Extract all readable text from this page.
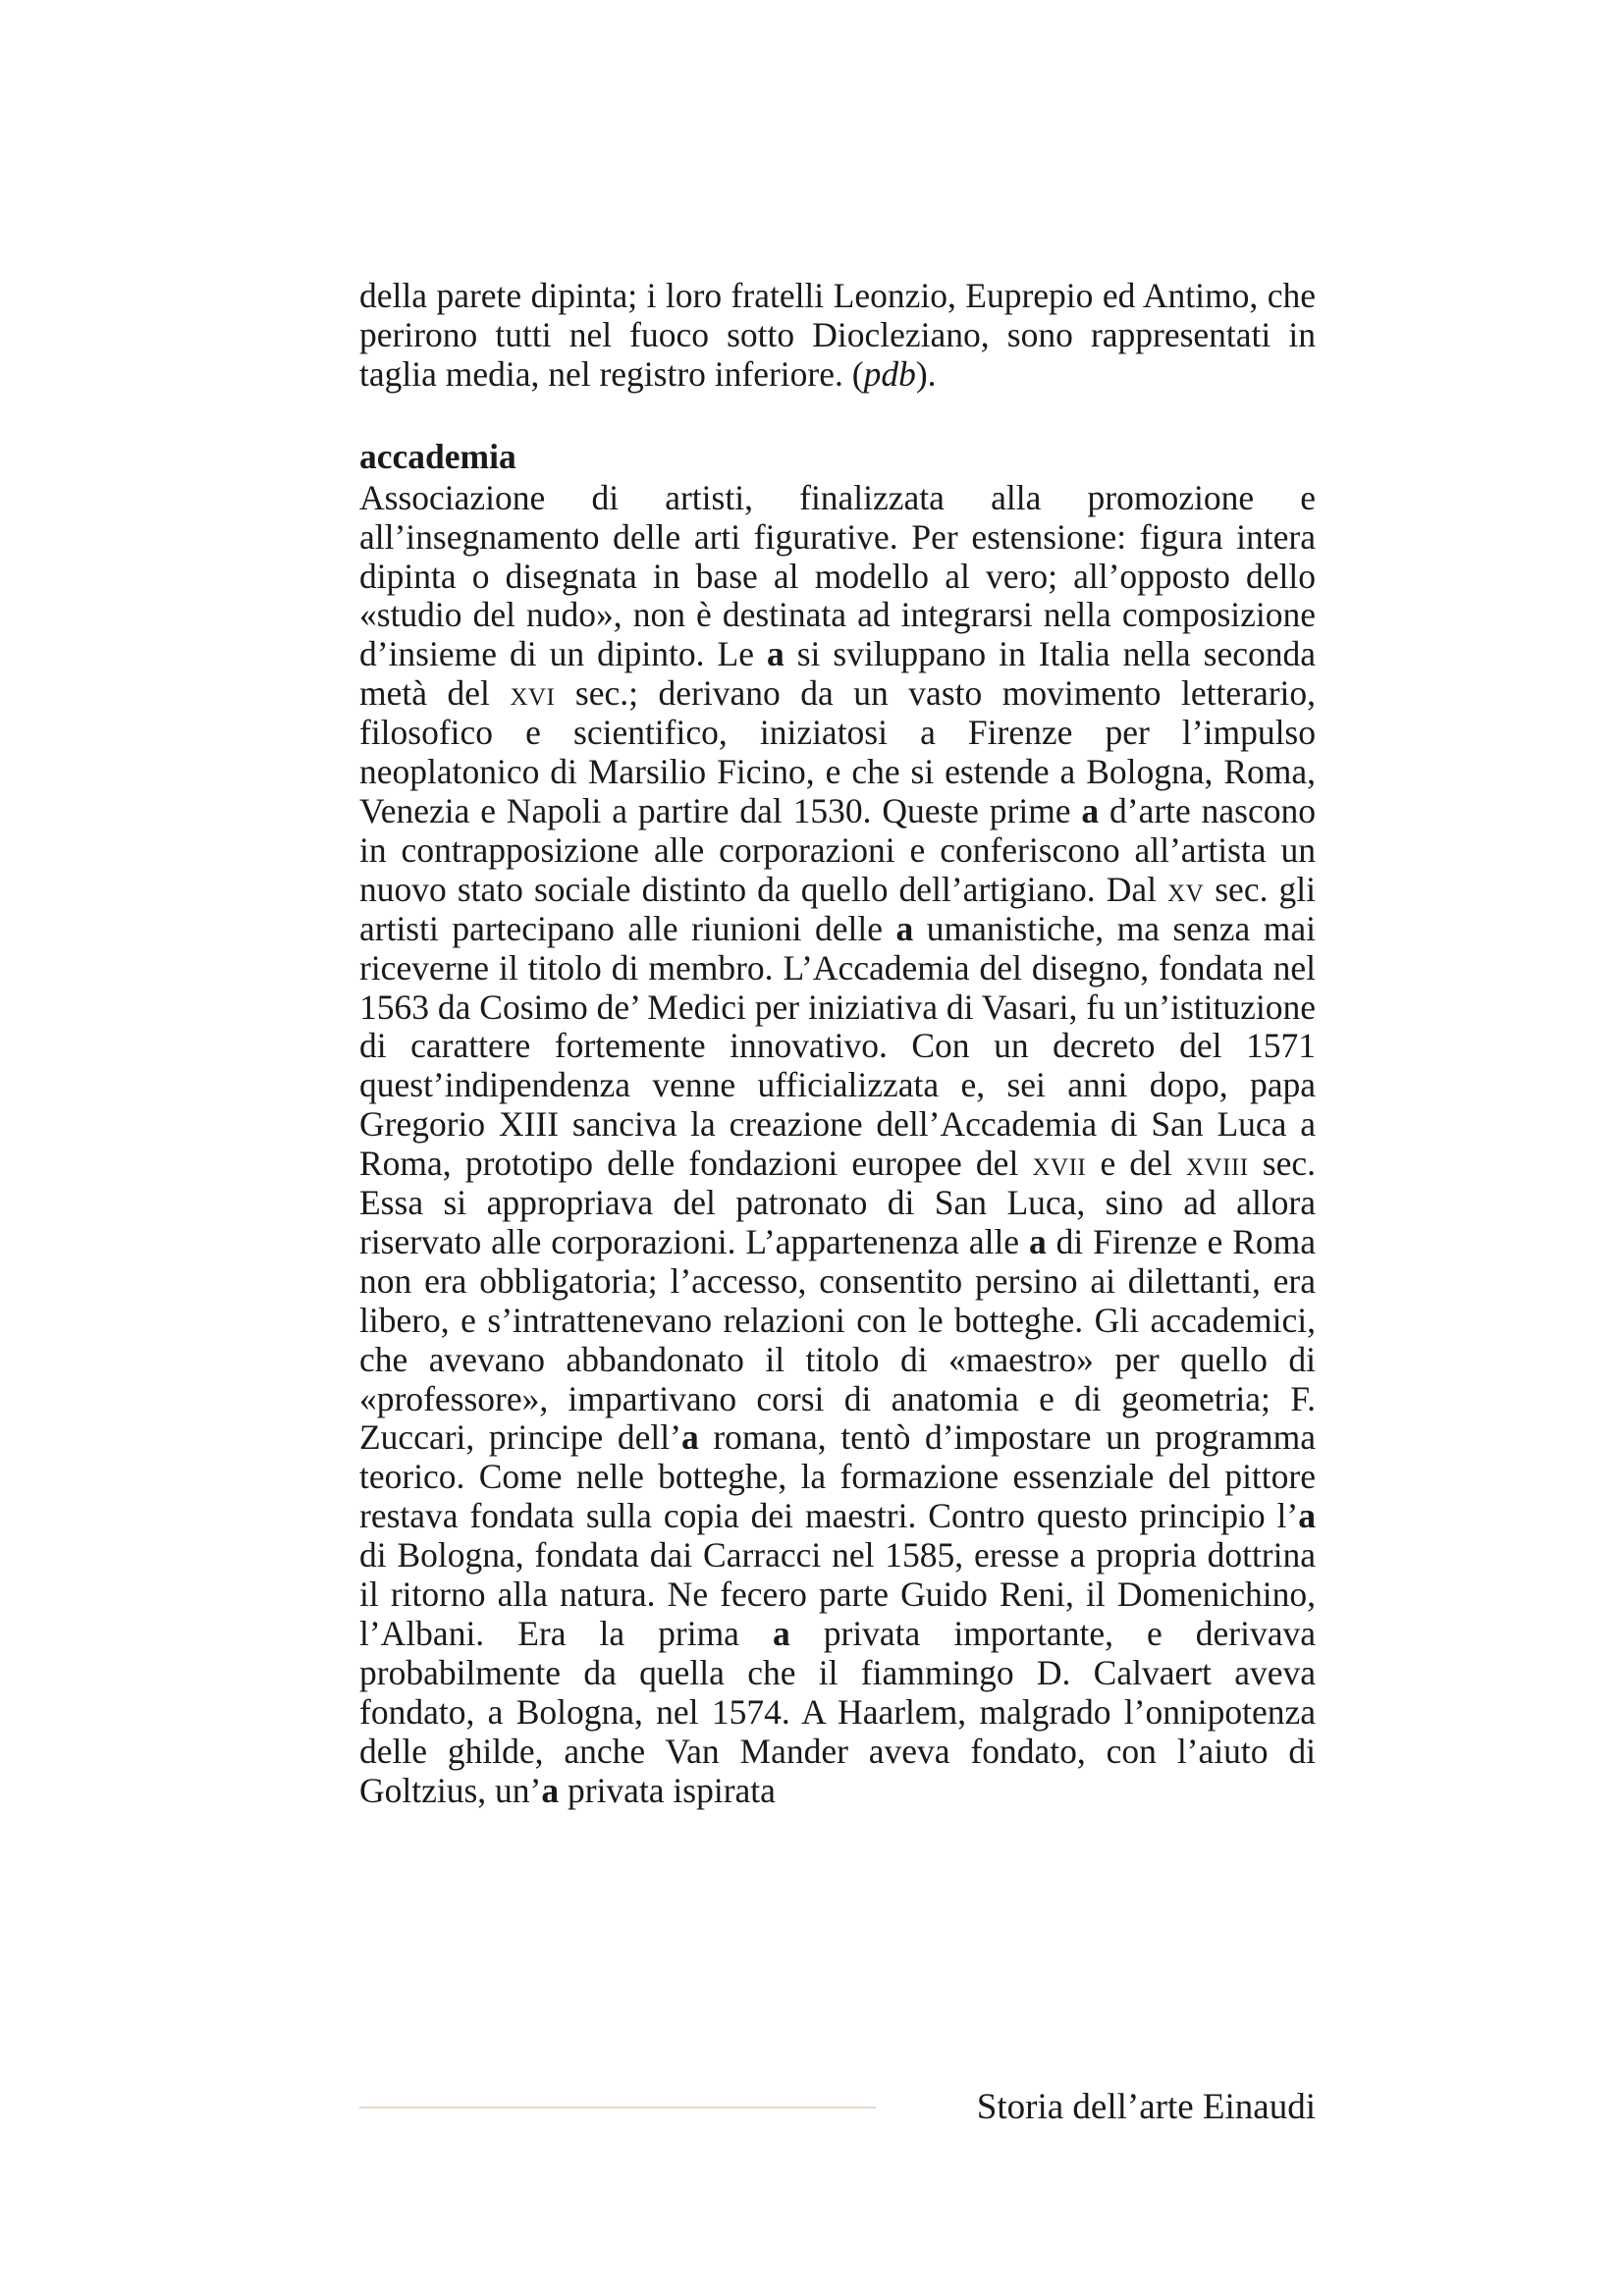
della parete dipinta; i loro fratelli Leonzio, Euprepio ed Antimo, che perirono tutti nel fuoco sotto Diocleziano, sono rappresentati in taglia media, nel registro inferiore. (pdb).

accademia

Associazione di artisti, finalizzata alla promozione e all’insegnamento delle arti figurative. Per estensione: figura intera dipinta o disegnata in base al modello al vero; all’opposto dello «studio del nudo», non è destinata ad integrarsi nella composizione d’insieme di un dipinto. Le a si sviluppano in Italia nella seconda metà del xvi sec.; derivano da un vasto movimento letterario, filosofico e scientifico, iniziatosi a Firenze per l’impulso neoplatonico di Marsilio Ficino, e che si estende a Bologna, Roma, Venezia e Napoli a partire dal 1530. Queste prime a d’arte nascono in contrapposizione alle corporazioni e conferiscono all’artista un nuovo stato sociale distinto da quello dell’artigiano. Dal xv sec. gli artisti partecipano alle riunioni delle a umanistiche, ma senza mai riceverne il titolo di membro. L’Accademia del disegno, fondata nel 1563 da Cosimo de’ Medici per iniziativa di Vasari, fu un’istituzione di carattere fortemente innovativo. Con un decreto del 1571 quest’indipendenza venne ufficializzata e, sei anni dopo, papa Gregorio XIII sanciva la creazione dell’Accademia di San Luca a Roma, prototipo delle fondazioni europee del xvii e del xviii sec. Essa si appropriava del patronato di San Luca, sino ad allora riservato alle corporazioni. L’appartenenza alle a di Firenze e Roma non era obbligatoria; l’accesso, consentito persino ai dilettanti, era libero, e s’intrattenevano relazioni con le botteghe. Gli accademici, che avevano abbandonato il titolo di «maestro» per quello di «professore», impartivano corsi di anatomia e di geometria; F. Zuccari, principe dell’a romana, tentò d’impostare un programma teorico. Come nelle botteghe, la formazione essenziale del pittore restava fondata sulla copia dei maestri. Contro questo principio l’a di Bologna, fondata dai Carracci nel 1585, eresse a propria dottrina il ritorno alla natura. Ne fecero parte Guido Reni, il Domenichino, l’Albani. Era la prima a privata importante, e derivava probabilmente da quella che il fiammingo D. Calvaert aveva fondato, a Bologna, nel 1574. A Haarlem, malgrado l’onnipotenza delle ghilde, anche Van Mander aveva fondato, con l’aiuto di Goltzius, un’a privata ispirata

Storia dell’arte Einaudi
